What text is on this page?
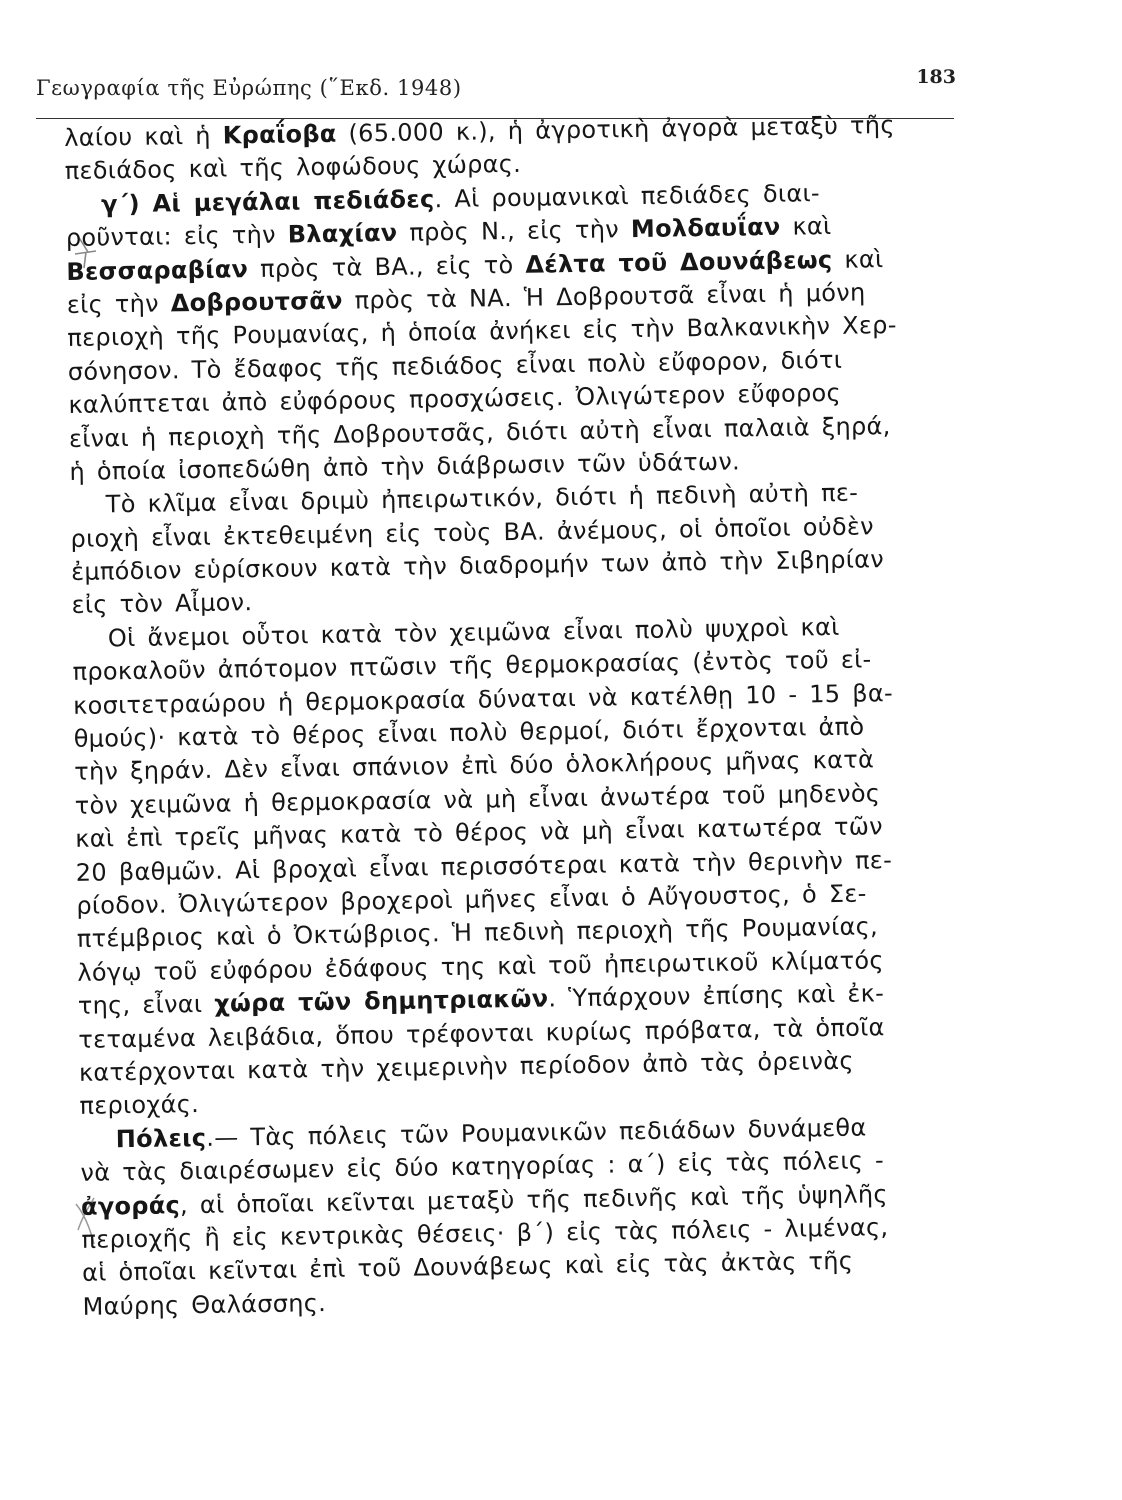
Γεωγραφία τῆς Εὐρώπης (῞Εκδ. 1948)	183
λαίου καὶ ἡ Κραΐοβα (65.000 κ.), ἡ ἀγροτικὴ ἀγορὰ μεταξὺ τῆς
πεδιάδος καὶ τῆς λοφώδους χώρας.
γ΄) Αἱ μεγάλαι πεδιάδες. Αἱ ρουμανικαὶ πεδιάδες διαι-
ροῦνται: εἰς τὴν Βλαχίαν πρὸς Ν., εἰς τὴν Μολδαυΐαν καὶ
Βεσσαραβίαν πρὸς τὰ ΒΑ., εἰς τὸ Δέλτα τοῦ Δουνάβεως καὶ
εἰς τὴν Δοβρουτσᾶν πρὸς τὰ ΝΑ. Ἡ Δοβρουτσᾶ εἶναι ἡ μόνη
περιοχὴ τῆς Ρουμανίας, ἡ ὁποία ἀνήκει εἰς τὴν Βαλκανικὴν Χερ-
σόνησον. Τὸ ἔδαφος τῆς πεδιάδος εἶναι πολὺ εὔφορον, διότι
καλύπτεται ἀπὸ εὐφόρους προσχώσεις. Ὀλιγώτερον εὔφορος
εἶναι ἡ περιοχὴ τῆς Δοβρουτσᾶς, διότι αὐτὴ εἶναι παλαιὰ ξηρά,
ἡ ὁποία ἰσοπεδώθη ἀπὸ τὴν διάβρωσιν τῶν ὑδάτων.
Τὸ κλῖμα εἶναι δριμὺ ἠπειρωτικόν, διότι ἡ πεδινὴ αὐτὴ πε-
ριοχὴ εἶναι ἐκτεθειμένη εἰς τοὺς ΒΑ. ἀνέμους, οἱ ὁποῖοι οὐδὲν
ἐμπόδιον εὑρίσκουν κατὰ τὴν διαδρομήν των ἀπὸ τὴν Σιβηρίαν
εἰς τὸν Αἶμον.
Οἱ ἄνεμοι οὗτοι κατὰ τὸν χειμῶνα εἶναι πολὺ ψυχροὶ καὶ
προκαλοῦν ἀπότομον πτῶσιν τῆς θερμοκρασίας (ἐντὸς τοῦ εἰ-
κοσιτετραώρου ἡ θερμοκρασία δύναται νὰ κατέλθῃ 10 - 15 βα-
θμούς)· κατὰ τὸ θέρος εἶναι πολὺ θερμοί, διότι ἔρχονται ἀπὸ
τὴν ξηράν. Δὲν εἶναι σπάνιον ἐπὶ δύο ὁλοκλήρους μῆνας κατὰ
τὸν χειμῶνα ἡ θερμοκρασία νὰ μὴ εἶναι ἀνωτέρα τοῦ μηδενὸς
καὶ ἐπὶ τρεῖς μῆνας κατὰ τὸ θέρος νὰ μὴ εἶναι κατωτέρα τῶν
20 βαθμῶν. Αἱ βροχαὶ εἶναι περισσότεραι κατὰ τὴν θερινὴν πε-
ρίοδον. Ὀλιγώτερον βροχεροὶ μῆνες εἶναι ὁ Αὔγουστος, ὁ Σε-
πτέμβριος καὶ ὁ Ὀκτώβριος. Ἡ πεδινὴ περιοχὴ τῆς Ρουμανίας,
λόγῳ τοῦ εὐφόρου ἐδάφους της καὶ τοῦ ἠπειρωτικοῦ κλίματός
της, εἶναι χώρα τῶν δημητριακῶν. Ὑπάρχουν ἐπίσης καὶ ἐκ-
τεταμένα λειβάδια, ὅπου τρέφονται κυρίως πρόβατα, τὰ ὁποῖα
κατέρχονται κατὰ τὴν χειμερινὴν περίοδον ἀπὸ τὰς ὀρεινὰς
περιοχάς.
Πόλεις.— Τὰς πόλεις τῶν Ρουμανικῶν πεδιάδων δυνάμεθα
νὰ τὰς διαιρέσωμεν εἰς δύο κατηγορίας : α΄) εἰς τὰς πόλεις -
ἀγοράς, αἱ ὁποῖαι κεῖνται μεταξὺ τῆς πεδινῆς καὶ τῆς ὑψηλῆς
περιοχῆς ἢ εἰς κεντρικὰς θέσεις· β΄) εἰς τὰς πόλεις - λιμένας,
αἱ ὁποῖαι κεῖνται ἐπὶ τοῦ Δουνάβεως καὶ εἰς τὰς ἀκτὰς τῆς
Μαύρης Θαλάσσης.
